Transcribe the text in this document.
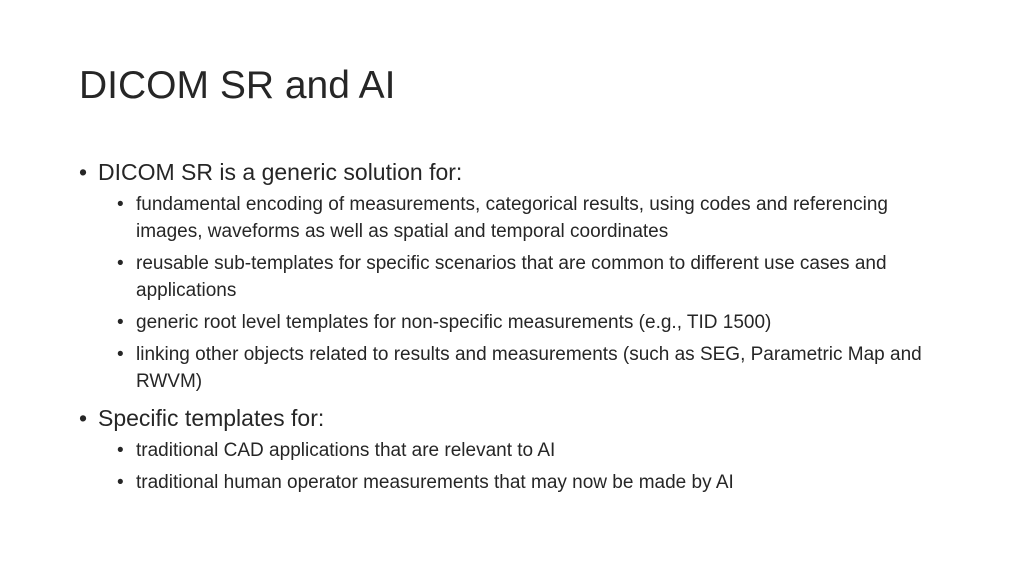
DICOM SR and AI
• DICOM SR is a generic solution for:
• fundamental encoding of measurements, categorical results, using codes and referencing images, waveforms as well as spatial and temporal coordinates
• reusable sub-templates for specific scenarios that are common to different use cases and applications
• generic root level templates for non-specific measurements (e.g., TID 1500)
• linking other objects related to results and measurements (such as SEG, Parametric Map and RWVM)
• Specific templates for:
• traditional CAD applications that are relevant to AI
• traditional human operator measurements that may now be made by AI
